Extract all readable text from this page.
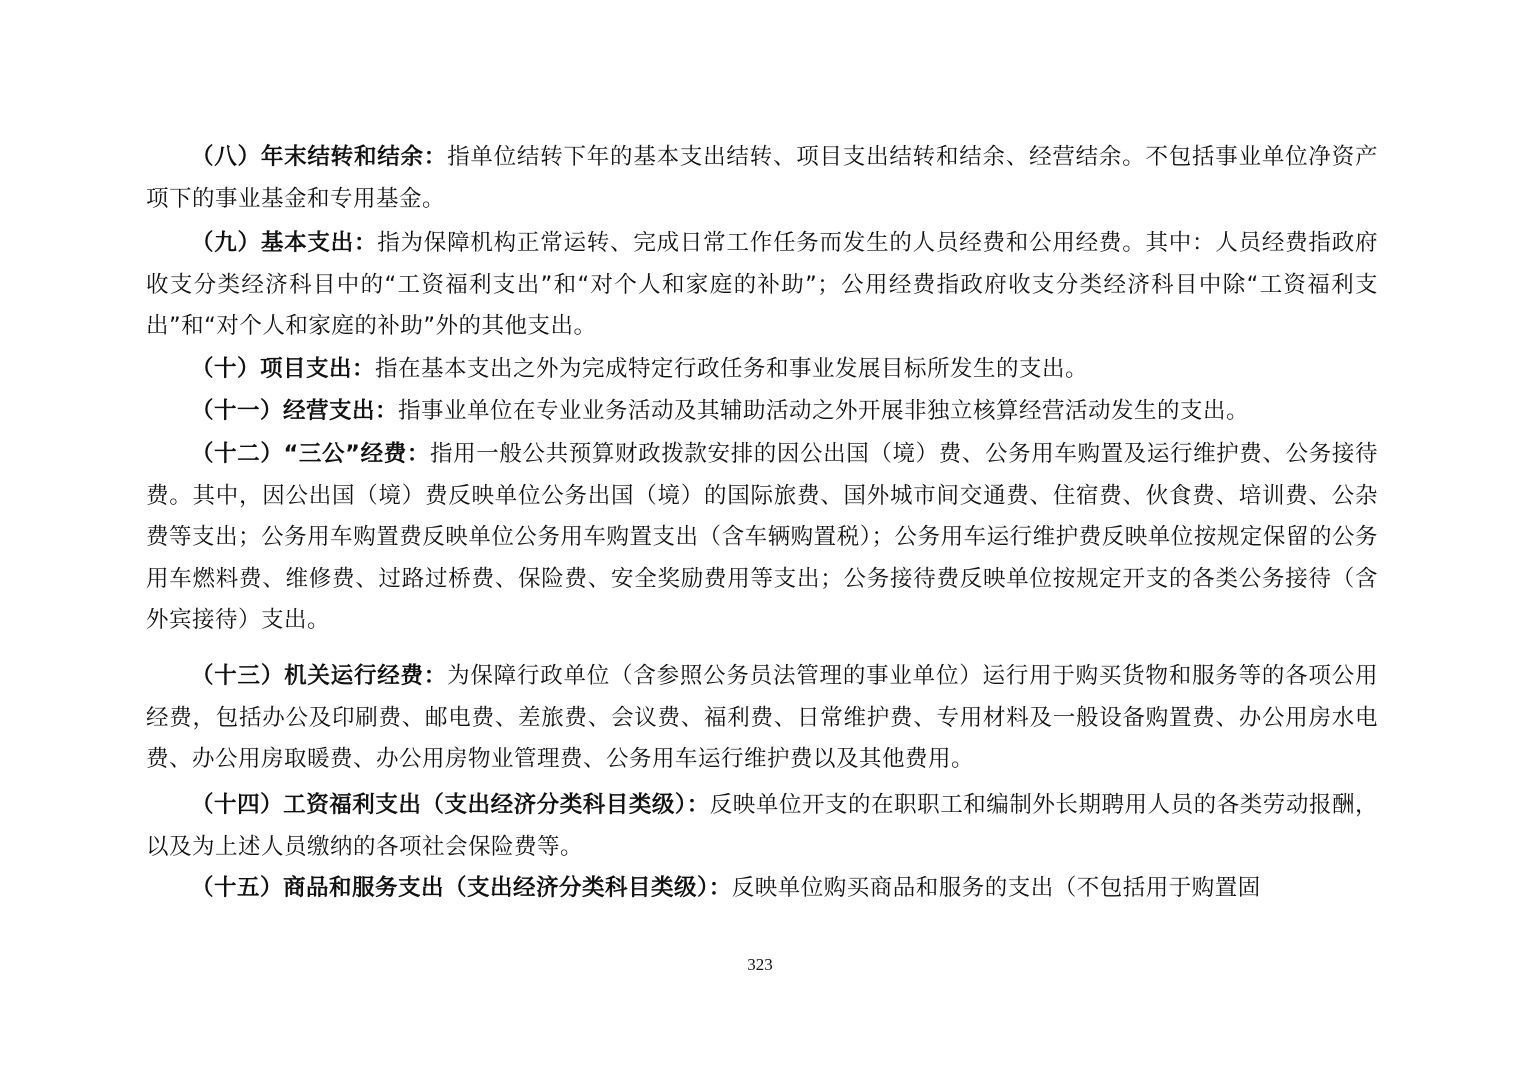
（八）年末结转和结余：指单位结转下年的基本支出结转、项目支出结转和结余、经营结余。不包括事业单位净资产项下的事业基金和专用基金。

（九）基本支出：指为保障机构正常运转、完成日常工作任务而发生的人员经费和公用经费。其中：人员经费指政府收支分类经济科目中的“工资福利支出”和“对个人和家庭的补助”；公用经费指政府收支分类经济科目中除“工资福利支出”和“对个人和家庭的补助”外的其他支出。

（十）项目支出：指在基本支出之外为完成特定行政任务和事业发展目标所发生的支出。

（十一）经营支出：指事业单位在专业业务活动及其辅助活动之外开展非独立核算经营活动发生的支出。

（十二）“三公”经费：指用一般公共预算财政拨款安排的因公出国（境）费、公务用车购置及运行维护费、公务接待费。其中，因公出国（境）费反映单位公务出国（境）的国际旅费、国外城市间交通费、住宿费、伙食费、培训费、公杂费等支出；公务用车购置费反映单位公务用车购置支出（含车辆购置税）；公务用车运行维护费反映单位按规定保留的公务用车燃料费、维修费、过路过桥费、保险费、安全奖励费用等支出；公务接待费反映单位按规定开支的各类公务接待（含外宾接待）支出。

（十三）机关运行经费：为保障行政单位（含参照公务员法管理的事业单位）运行用于购买货物和服务等的各项公用经费，包括办公及印刷费、邮电费、差旅费、会议费、福利费、日常维护费、专用材料及一般设备购置费、办公用房水电费、办公用房取暖费、办公用房物业管理费、公务用车运行维护费以及其他费用。

（十四）工资福利支出（支出经济分类科目类级）：反映单位开支的在职职工和编制外长期聘用人员的各类劳动报酬，以及为上述人员缴纳的各项社会保险费等。

（十五）商品和服务支出（支出经济分类科目类级）：反映单位购买商品和服务的支出（不包括用于购置固

323
